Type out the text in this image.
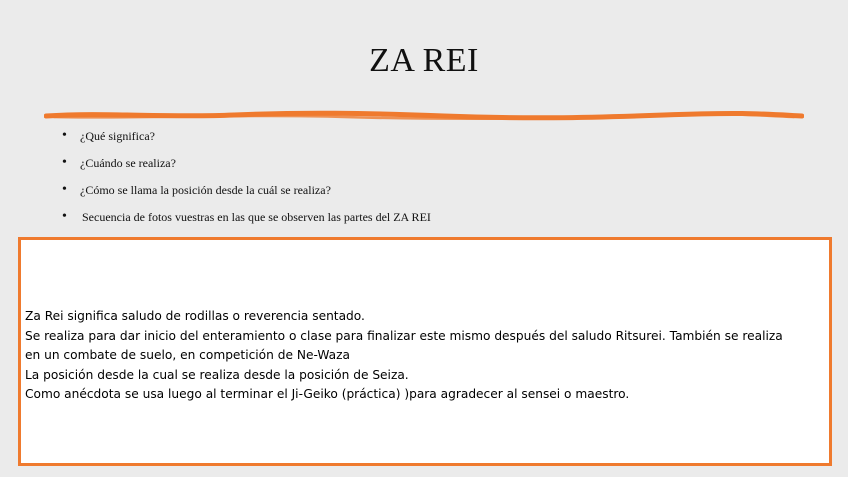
ZA REI
• ¿Qué significa?
• ¿Cuándo se realiza?
• ¿Cómo se llama la posición desde la cuál se realiza?
• Secuencia de fotos vuestras en las que se observen las partes del ZA REI
Za Rei significa saludo de rodillas o reverencia sentado.
Se realiza para dar inicio del enteramiento o clase para finalizar este mismo después del saludo Ritsurei. También se realiza
en un combate de suelo, en competición de Ne-Waza
La posición desde la cual se realiza desde la posición de Seiza.
Como anécdota se usa luego al terminar el Ji-Geiko (práctica) )para agradecer al sensei o maestro.
